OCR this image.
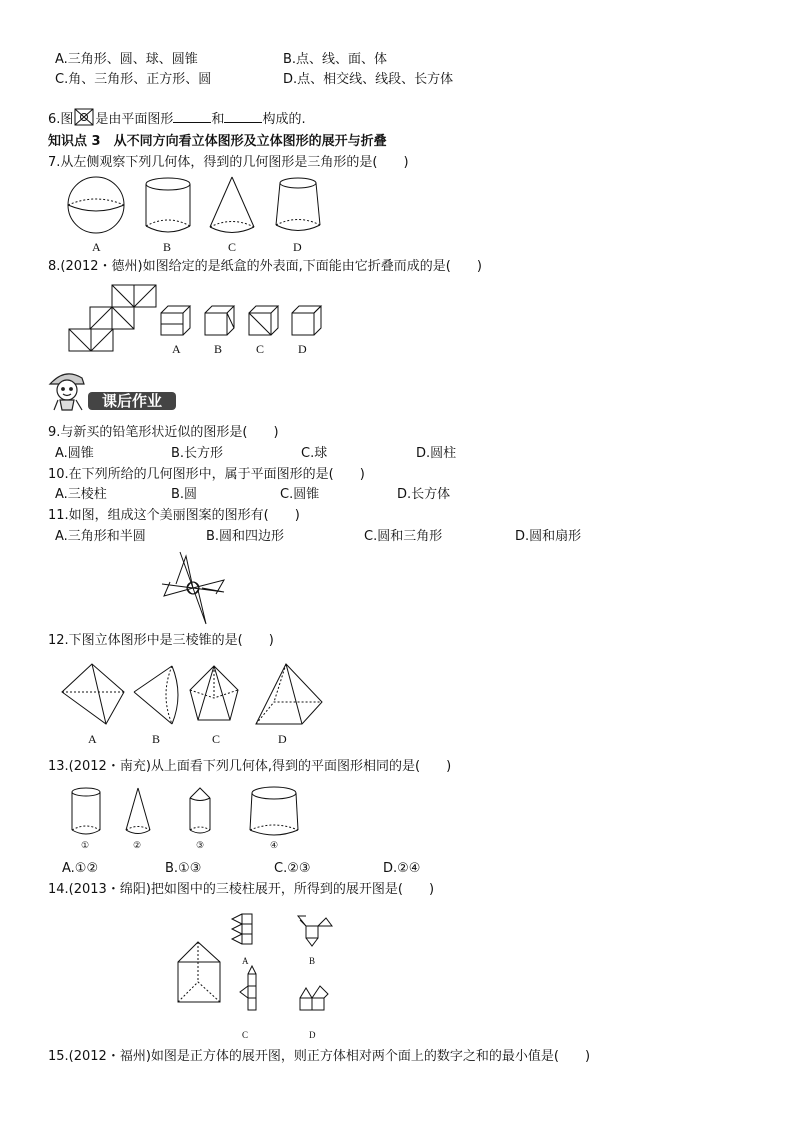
A.三角形、圆、球、圆锥	B.点、线、面、体
C.角、三角形、正方形、圆	D.点、相交线、线段、长方体
6.图 是由平面图形	和	构成的.
知识点 3　从不同方向看立体图形及立体图形的展开与折叠
7.从左侧观察下列几何体，得到的几何图形是三角形的是(　　)
A	B	C	D
8.(2012・德州)如图给定的是纸盒的外表面,下面能由它折叠而成的是(　　)
A	B	C	D
课后作业
9.与新买的铅笔形状近似的图形是(　　)
A.圆锥	B.长方形	C.球	D.圆柱
10.在下列所给的几何图形中，属于平面图形的是(　　)
A.三棱柱	B.圆	C.圆锥	D.长方体
11.如图，组成这个美丽图案的图形有(　　)
A.三角形和半圆	B.圆和四边形	C.圆和三角形	D.圆和扇形
12.下图立体图形中是三棱锥的是(　　)
A	B	C	D
13.(2012・南充)从上面看下列几何体,得到的平面图形相同的是(　　)
①	②	③	④
A.①②	B.①③	C.②③	D.②④
14.(2013・绵阳)把如图中的三棱柱展开，所得到的展开图是(　　)
A	B
C	D
15.(2012・福州)如图是正方体的展开图，则正方体相对两个面上的数字之和的最小值是(　　)
